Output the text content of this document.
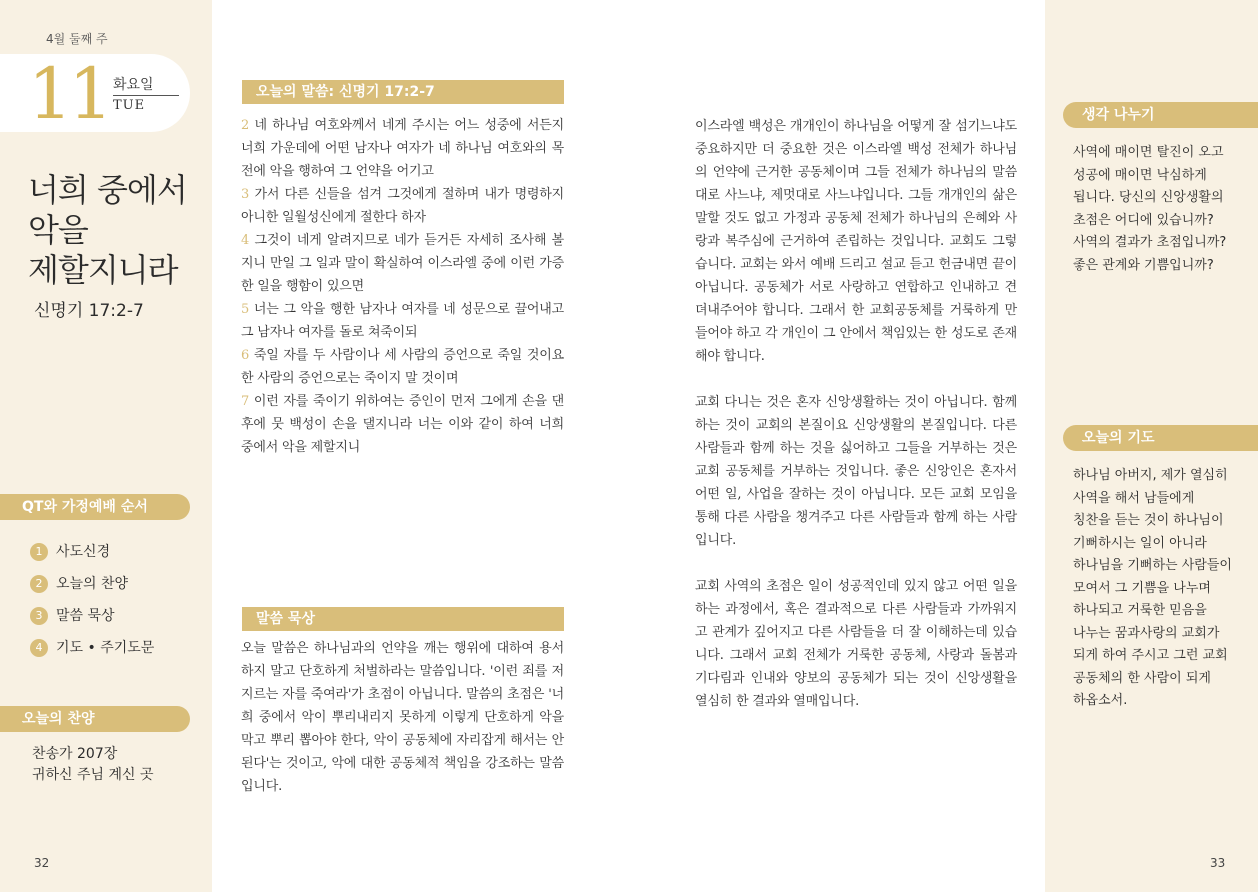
4월 둘째 주
11 화요일
TUE
너희 중에서
악을
제할지니라
신명기 17:2-7
QT와 가정예배 순서
1 사도신경
2 오늘의 찬양
3 말씀 묵상
4 기도 • 주기도문
오늘의 찬양
찬송가 207장
귀하신 주님 계신 곳
32
오늘의 말씀: 신명기 17:2-7
2 네 하나님 여호와께서 네게 주시는 어느 성중에 서든지 너희 가운데에 어떤 남자나 여자가 네 하나님 여호와의 목전에 악을 행하여 그 언약을 어기고
3 가서 다른 신들을 섬겨 그것에게 절하며 내가 명령하지 아니한 일월성신에게 절한다 하자
4 그것이 네게 알려지므로 네가 듣거든 자세히 조사해 볼지니 만일 그 일과 말이 확실하여 이스라엘 중에 이런 가증한 일을 행함이 있으면
5 너는 그 악을 행한 남자나 여자를 네 성문으로 끌어내고 그 남자나 여자를 돌로 쳐죽이되
6 죽일 자를 두 사람이나 세 사람의 증언으로 죽일 것이요 한 사람의 증언으로는 죽이지 말 것이며
7 이런 자를 죽이기 위하여는 증인이 먼저 그에게 손을 댄 후에 뭇 백성이 손을 댈지니라 너는 이와 같이 하여 너희 중에서 악을 제할지니
말씀 묵상

오늘 말씀은 하나님과의 언약을 깨는 행위에 대하여 용서하지 말고 단호하게 처벌하라는 말씀입니다. '이런 죄를 저지르는 자를 죽여라'가 초점이 아닙니다. 말씀의 초점은 '너희 중에서 악이 뿌리내리지 못하게 이렇게 단호하게 악을 막고 뿌리 뽑아야 한다, 악이 공동체에 자리잡게 해서는 안 된다'는 것이고, 악에 대한 공동체적 책임을 강조하는 말씀입니다.

이스라엘 백성은 개개인이 하나님을 어떻게 잘 섬기느냐도 중요하지만 더 중요한 것은 이스라엘 백성 전체가 하나님의 언약에 근거한 공동체이며 그들 전체가 하나님의 말씀대로 사느냐, 제멋대로 사느냐입니다. 그들 개개인의 삶은 말할 것도 없고 가정과 공동체 전체가 하나님의 은혜와 사랑과 복주심에 근거하여 존립하는 것입니다. 교회도 그렇습니다. 교회는 와서 예배 드리고 설교 듣고 헌금내면 끝이 아닙니다. 공동체가 서로 사랑하고 연합하고 인내하고 견뎌내주어야 합니다. 그래서 한 교회공동체를 거룩하게 만들어야 하고 각 개인이 그 안에서 책임있는 한 성도로 존재해야 합니다.

교회 다니는 것은 혼자 신앙생활하는 것이 아닙니다. 함께 하는 것이 교회의 본질이요 신앙생활의 본질입니다. 다른 사람들과 함께 하는 것을 싫어하고 그들을 거부하는 것은 교회 공동체를 거부하는 것입니다. 좋은 신앙인은 혼자서 어떤 일, 사업을 잘하는 것이 아닙니다. 모든 교회 모임을 통해 다른 사람을 챙겨주고 다른 사람들과 함께 하는 사람입니다.

교회 사역의 초점은 일이 성공적인데 있지 않고 어떤 일을 하는 과정에서, 혹은 결과적으로 다른 사람들과 가까워지고 관계가 깊어지고 다른 사람들을 더 잘 이해하는데 있습니다. 그래서 교회 전체가 거룩한 공동체, 사랑과 돌봄과 기다림과 인내와 양보의 공동체가 되는 것이 신앙생활을 열심히 한 결과와 열매입니다.

생각 나누기
사역에 매이면 탈진이 오고
성공에 매이면 낙심하게
됩니다. 당신의 신앙생활의
초점은 어디에 있습니까?
사역의 결과가 초점입니까?
좋은 관계와 기쁨입니까?
오늘의 기도
하나님 아버지, 제가 열심히
사역을 해서 남들에게
칭찬을 듣는 것이 하나님이
기뻐하시는 일이 아니라
하나님을 기뻐하는 사람들이
모여서 그 기쁨을 나누며
하나되고 거룩한 믿음을
나누는 꿈과사랑의 교회가
되게 하여 주시고 그런 교회
공동체의 한 사람이 되게
하옵소서.
33
